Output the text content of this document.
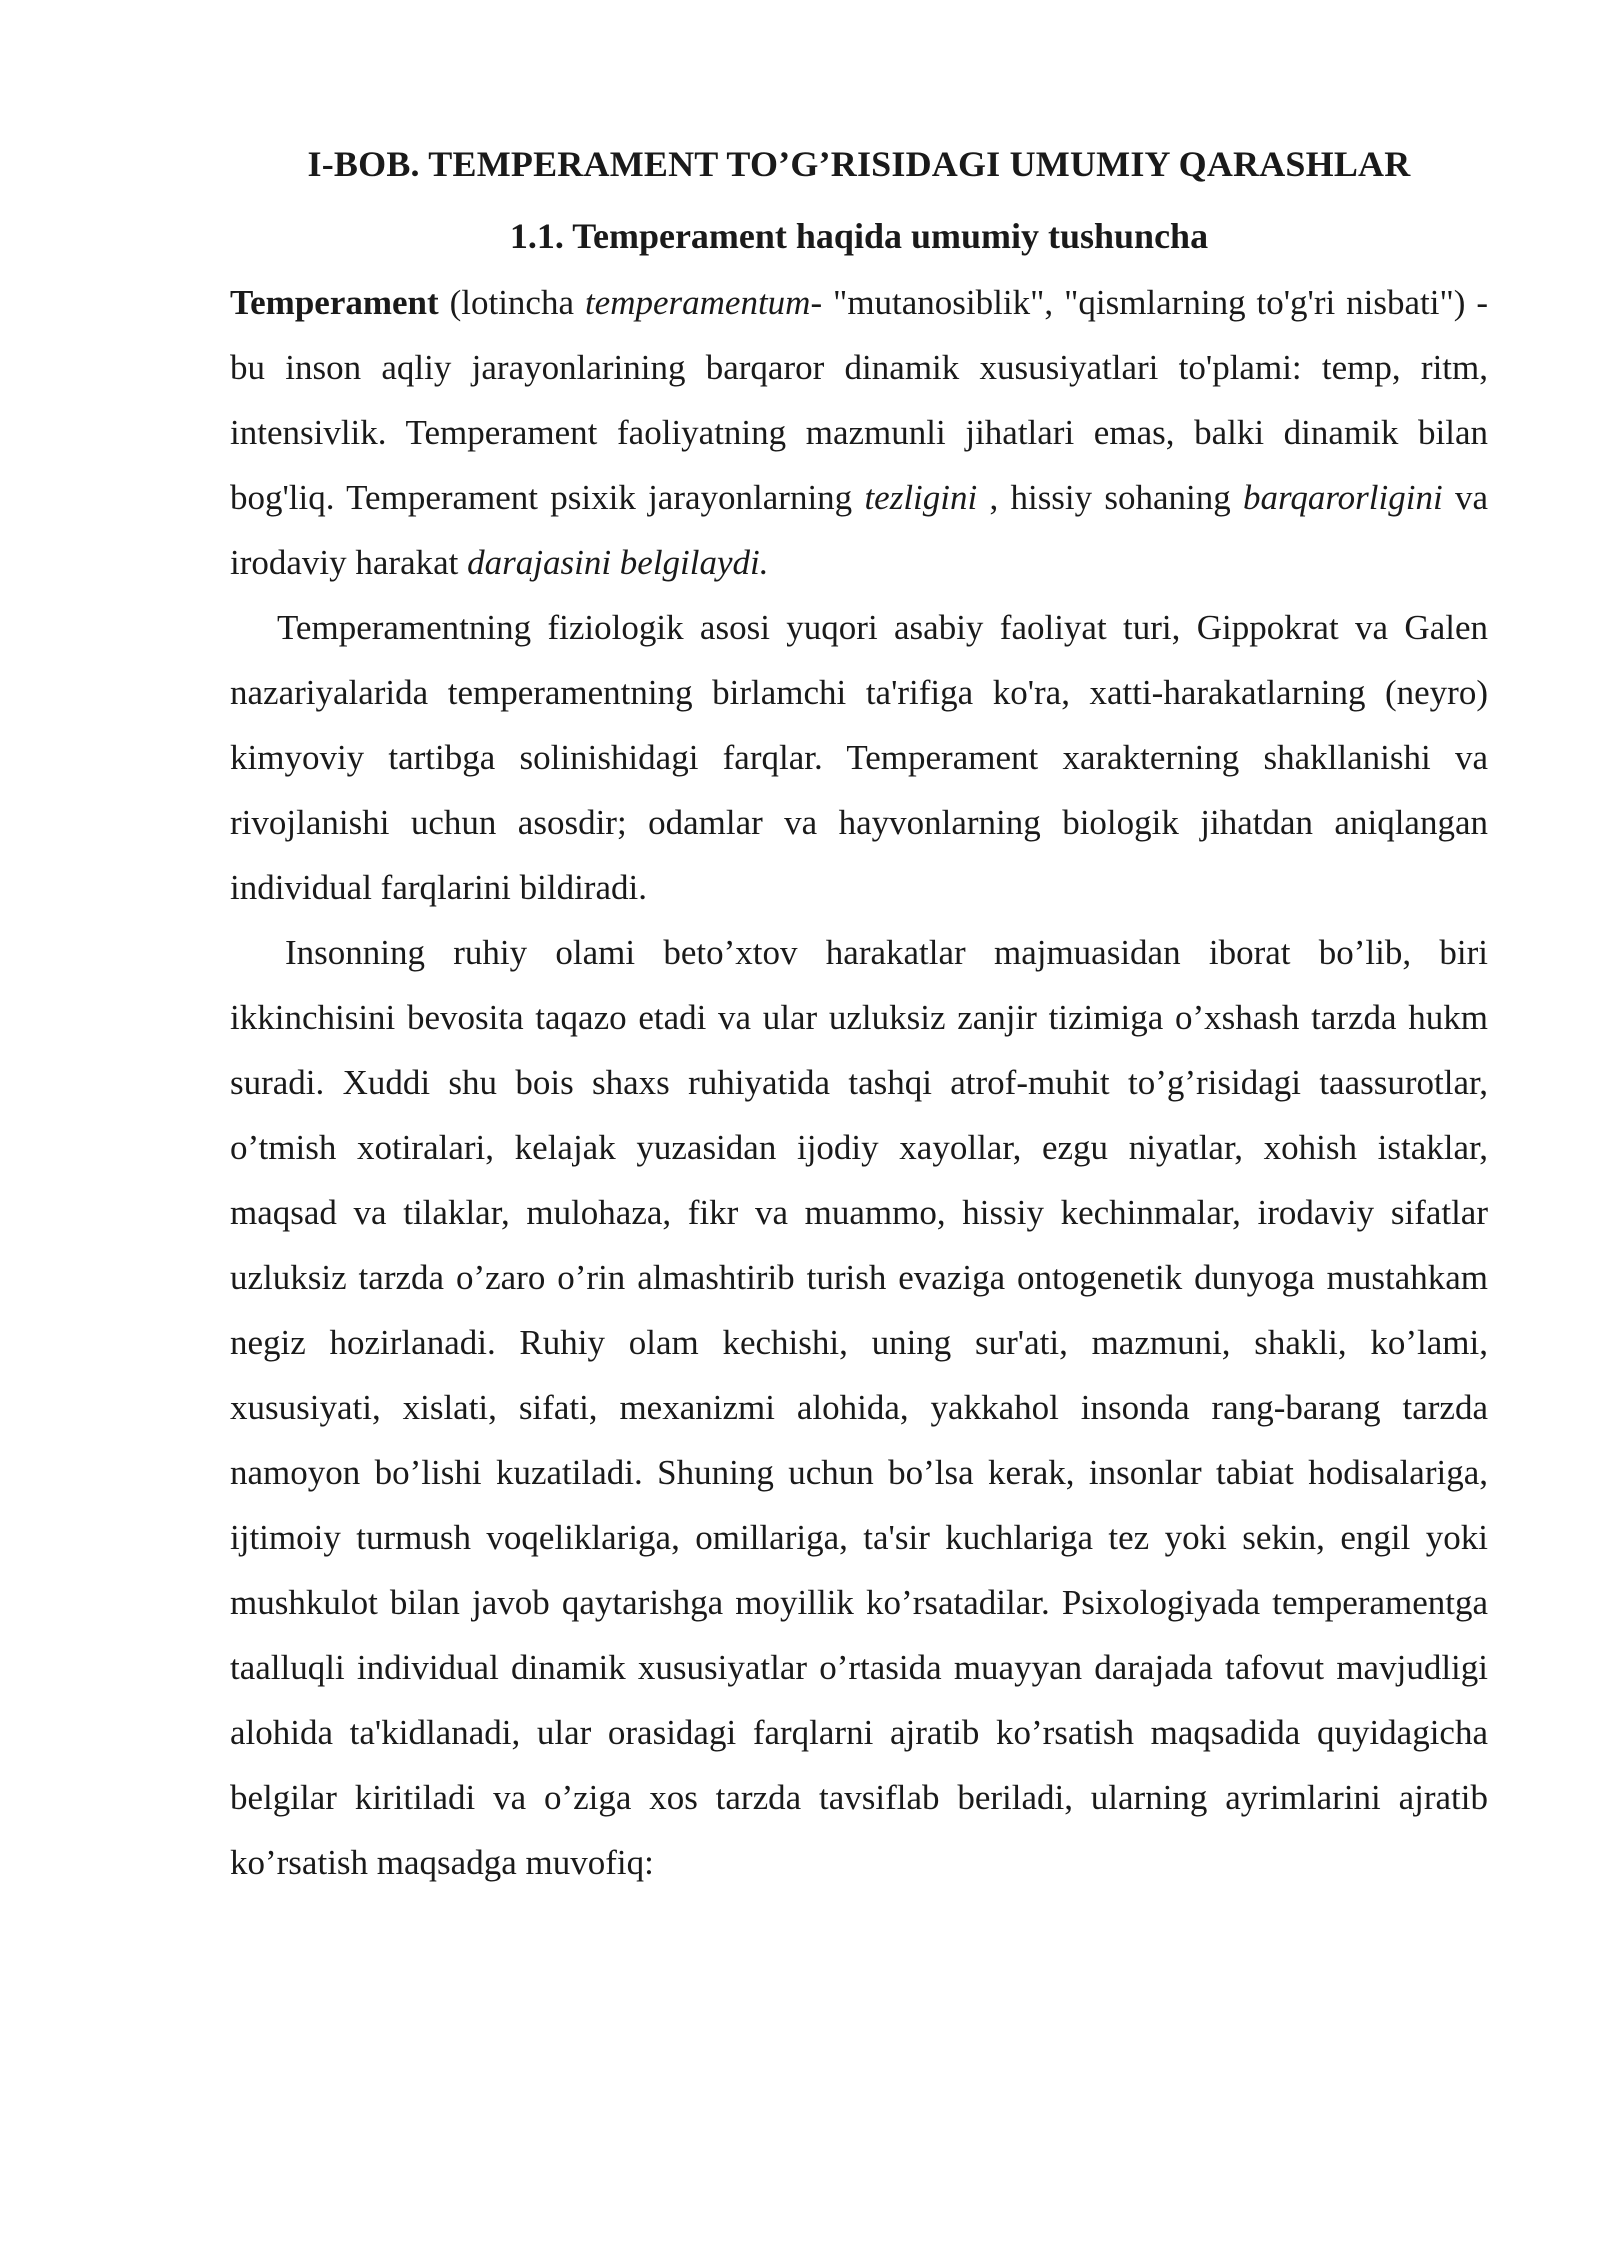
I-BOB. TEMPERAMENT TO’G’RISIDAGI UMUMIY QARASHLAR
1.1. Temperament haqida umumiy tushuncha

Temperament (lotincha temperamentum- "mutanosiblik", "qismlarning to'g'ri nisbati") - bu inson aqliy jarayonlarining barqaror dinamik xususiyatlari to'plami: temp, ritm, intensivlik. Temperament faoliyatning mazmunli jihatlari emas, balki dinamik bilan bog'liq. Temperament psixik jarayonlarning tezligini , hissiy sohaning barqarorligini va irodaviy harakat darajasini belgilaydi.

Temperamentning fiziologik asosi yuqori asabiy faoliyat turi, Gippokrat va Galen nazariyalarida temperamentning birlamchi ta'rifiga ko'ra, xatti-harakatlarning (neyro) kimyoviy tartibga solinishidagi farqlar. Temperament xarakterning shakllanishi va rivojlanishi uchun asosdir; odamlar va hayvonlarning biologik jihatdan aniqlangan individual farqlarini bildiradi.

Insonning ruhiy olami beto’xtov harakatlar majmuasidan iborat bo’lib, biri ikkinchisini bevosita taqazo etadi va ular uzluksiz zanjir tizimiga o’xshash tarzda hukm suradi. Xuddi shu bois shaxs ruhiyatida tashqi atrof-muhit to’g’risidagi taassurotlar, o’tmish xotiralari, kelajak yuzasidan ijodiy xayollar, ezgu niyatlar, xohish istaklar, maqsad va tilaklar, mulohaza, fikr va muammo, hissiy kechinmalar, irodaviy sifatlar uzluksiz tarzda o’zaro o’rin almashtirib turish evaziga ontogenetik dunyoga mustahkam negiz hozirlanadi. Ruhiy olam kechishi, uning sur'ati, mazmuni, shakli, ko’lami, xususiyati, xislati, sifati, mexanizmi alohida, yakkahol insonda rang-barang tarzda namoyon bo’lishi kuzatiladi. Shuning uchun bo’lsa kerak, insonlar tabiat hodisalariga, ijtimoiy turmush voqeliklariga, omillariga, ta'sir kuchlariga tez yoki sekin, engil yoki mushkulot bilan javob qaytarishga moyillik ko’rsatadilar. Psixologiyada temperamentga taalluqli individual dinamik xususiyatlar o’rtasida muayyan darajada tafovut mavjudligi alohida ta'kidlanadi, ular orasidagi farqlarni ajratib ko’rsatish maqsadida quyidagicha belgilar kiritiladi va o’ziga xos tarzda tavsiflab beriladi, ularning ayrimlarini ajratib ko’rsatish maqsadga muvofiq:
